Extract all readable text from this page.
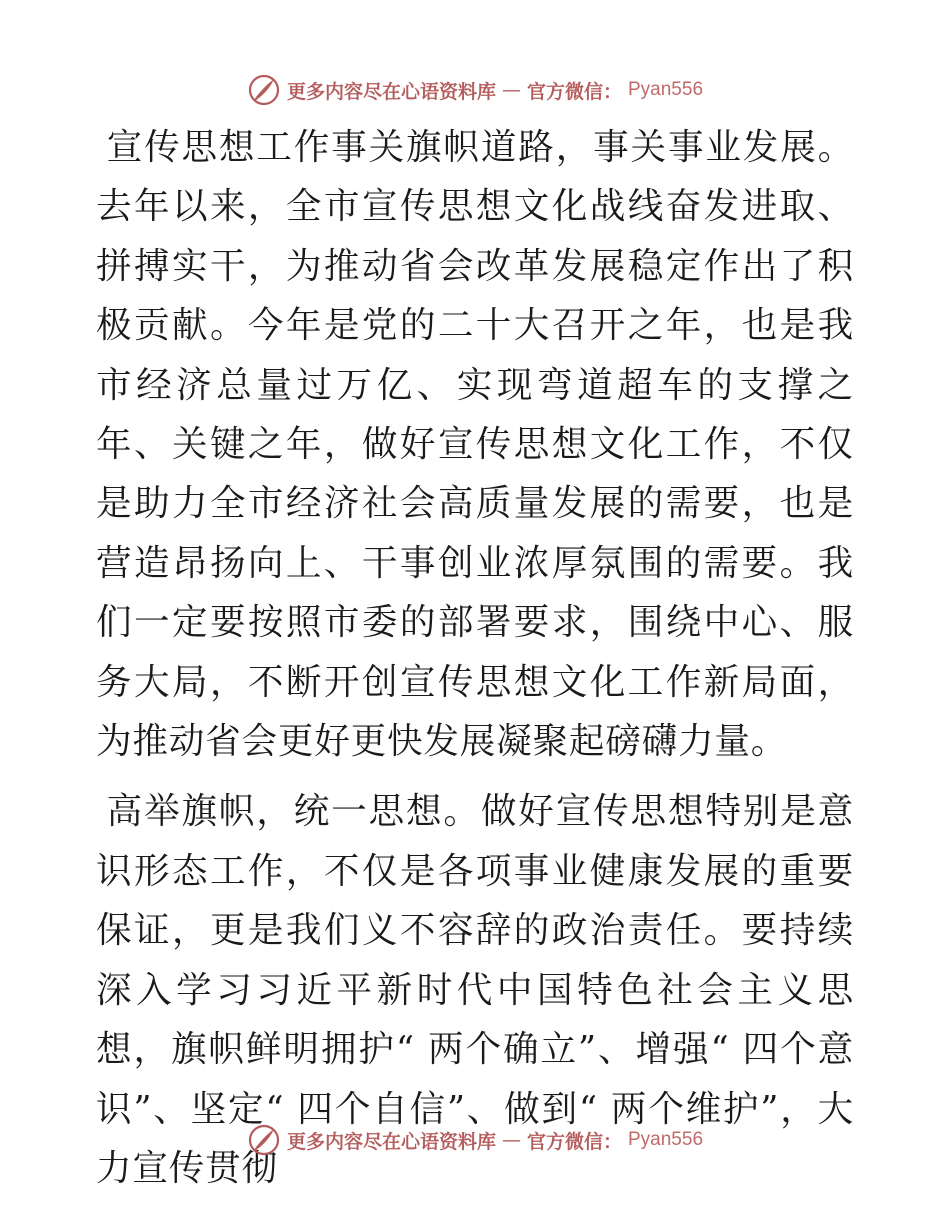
更多内容尽在心语资料库 — 官方微信： Pyan556

宣传思想工作事关旗帜道路，事关事业发展。去年以来，全市宣传思想文化战线奋发进取、拼搏实干，为推动省会改革发展稳定作出了积极贡献。今年是党的二十大召开之年，也是我市经济总量过万亿、实现弯道超车的支撑之年、关键之年，做好宣传思想文化工作，不仅是助力全市经济社会高质量发展的需要，也是营造昂扬向上、干事创业浓厚氛围的需要。我们一定要按照市委的部署要求，围绕中心、服务大局，不断开创宣传思想文化工作新局面，为推动省会更好更快发展凝聚起磅礴力量。

高举旗帜，统一思想。做好宣传思想特别是意识形态工作，不仅是各项事业健康发展的重要保证，更是我们义不容辞的政治责任。要持续深入学习习近平新时代中国特色社会主义思想，旗帜鲜明拥护“ 两个确立”、增强“ 四个意识”、坚定“ 四个自信”、做到“ 两个维护”，大力宣传贯彻

更多内容尽在心语资料库 — 官方微信： Pyan556
